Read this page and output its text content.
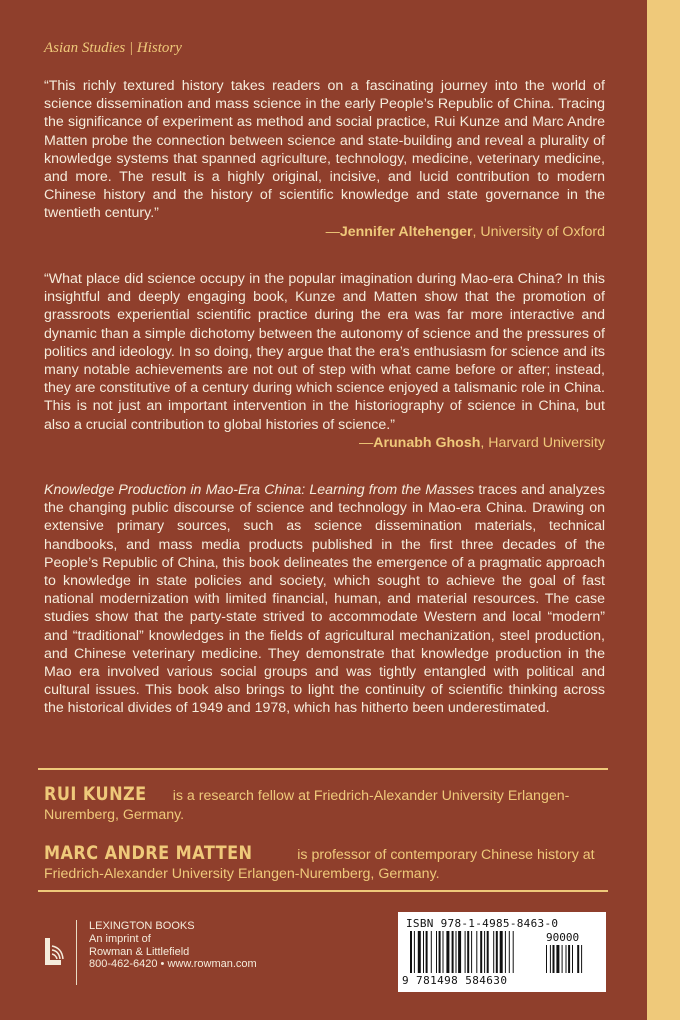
Asian Studies | History

“This richly textured history takes readers on a fascinating journey into the world of science dissemination and mass science in the early People’s Republic of China. Tracing the significance of experiment as method and social practice, Rui Kunze and Marc Andre Matten probe the connection between science and state-building and reveal a plurality of knowledge systems that spanned agriculture, technology, medicine, veterinary medicine, and more. The result is a highly original, incisive, and lucid contribution to modern Chinese history and the history of scientific knowledge and state governance in the twentieth century.”

—Jennifer Altehenger, University of Oxford

“What place did science occupy in the popular imagination during Mao-era China? In this insightful and deeply engaging book, Kunze and Matten show that the promotion of grassroots experiential scientific practice during the era was far more interactive and dynamic than a simple dichotomy between the autonomy of science and the pressures of politics and ideology. In so doing, they argue that the era’s enthusiasm for science and its many notable achievements are not out of step with what came before or after; instead, they are constitutive of a century during which science enjoyed a talismanic role in China. This is not just an important intervention in the historiography of science in China, but also a crucial contribution to global histories of science.”
—Arunabh Ghosh, Harvard University

Knowledge Production in Mao-Era China: Learning from the Masses traces and analyzes the changing public discourse of science and technology in Mao-era China. Drawing on extensive primary sources, such as science dissemination materials, technical handbooks, and mass media products published in the first three decades of the People’s Republic of China, this book delineates the emergence of a pragmatic approach to knowledge in state policies and society, which sought to achieve the goal of fast national modernization with limited financial, human, and material resources. The case studies show that the party-state strived to accommodate Western and local “modern” and “traditional” knowledges in the fields of agricultural mechanization, steel production, and Chinese veterinary medicine. They demonstrate that knowledge production in the Mao era involved various social groups and was tightly entangled with political and cultural issues. This book also brings to light the continuity of scientific thinking across the historical divides of 1949 and 1978, which has hitherto been underestimated.

RUI KUNZE is a research fellow at Friedrich-Alexander University Erlangen-Nuremberg, Germany.
MARC ANDRE MATTEN	is professor of contemporary Chinese history at Friedrich-Alexander University Erlangen-Nuremberg, Germany.
LEXINGTON BOOKS
An imprint of
Rowman & Littlefield
800-462-6420 • www.rowman.com
ISBN 978-1-4985-8463-0
90000
9 781498 584630
